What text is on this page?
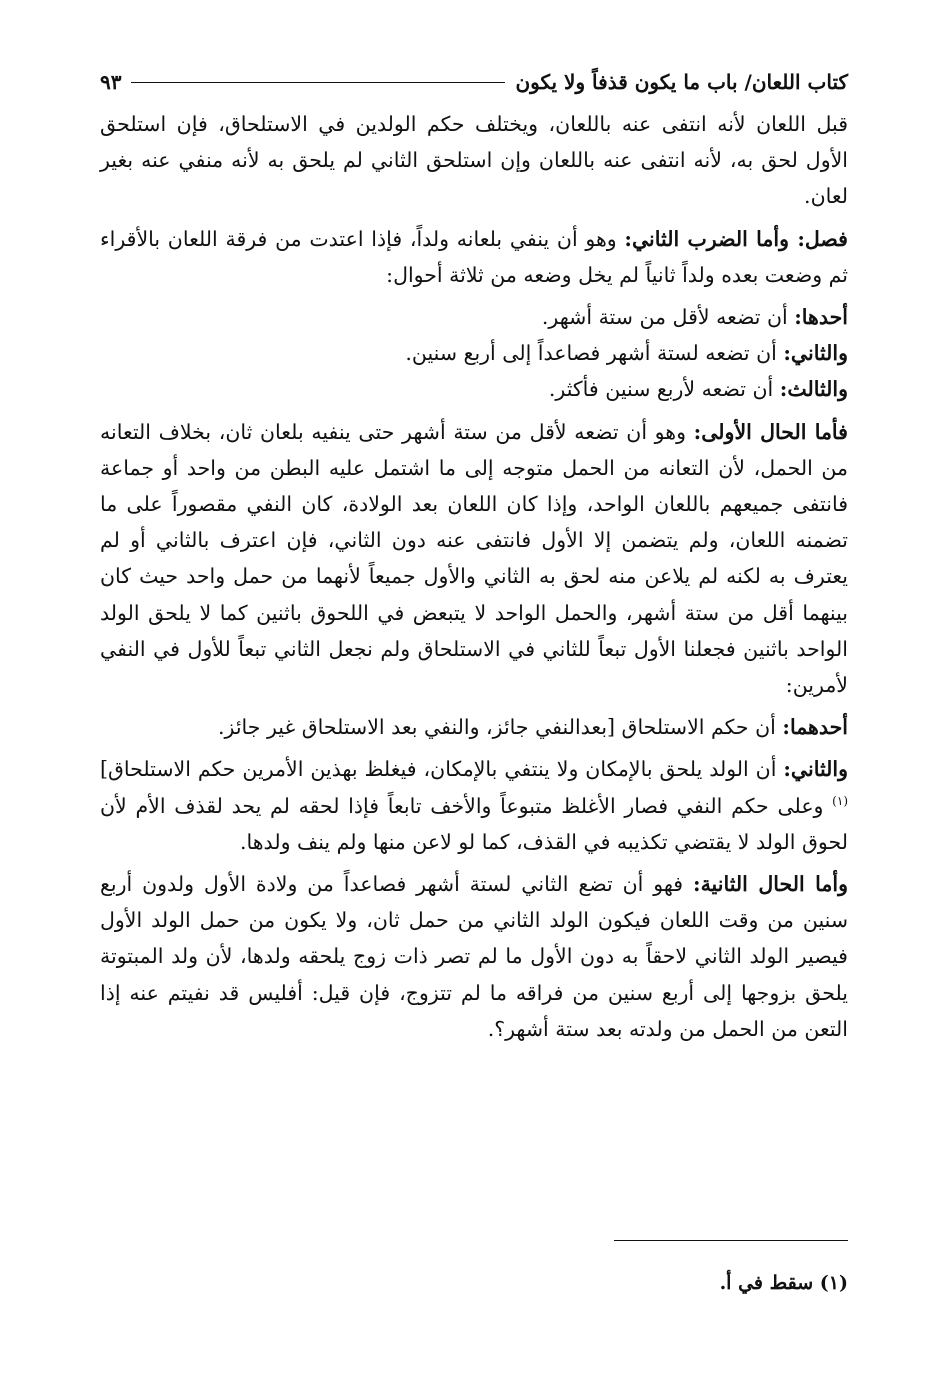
كتاب اللعان/ باب ما يكون قذفاً ولا يكون
٩٣

قبل اللعان لأنه انتفى عنه باللعان، ويختلف حكم الولدين في الاستلحاق، فإن استلحق الأول لحق به، لأنه انتفى عنه باللعان وإن استلحق الثاني لم يلحق به لأنه منفي عنه بغير لعان.

فصل: وأما الضرب الثاني: وهو أن ينفي بلعانه ولداً، فإذا اعتدت من فرقة اللعان بالأقراء ثم وضعت بعده ولداً ثانياً لم يخل وضعه من ثلاثة أحوال:

أحدها: أن تضعه لأقل من ستة أشهر.
والثاني: أن تضعه لستة أشهر فصاعداً إلى أربع سنين.
والثالث: أن تضعه لأربع سنين فأكثر.

فأما الحال الأولى: وهو أن تضعه لأقل من ستة أشهر حتى ينفيه بلعان ثان، بخلاف التعانه من الحمل، لأن التعانه من الحمل متوجه إلى ما اشتمل عليه البطن من واحد أو جماعة فانتفى جميعهم باللعان الواحد، وإذا كان اللعان بعد الولادة، كان النفي مقصوراً على ما تضمنه اللعان، ولم يتضمن إلا الأول فانتفى عنه دون الثاني، فإن اعترف بالثاني أو لم يعترف به لكنه لم يلاعن منه لحق به الثاني والأول جميعاً لأنهما من حمل واحد حيث كان بينهما أقل من ستة أشهر، والحمل الواحد لا يتبعض في اللحوق باثنين كما لا يلحق الولد الواحد باثنين فجعلنا الأول تبعاً للثاني في الاستلحاق ولم نجعل الثاني تبعاً للأول في النفي لأمرين:

أحدهما: أن حكم الاستلحاق [بعدالنفي جائز، والنفي بعد الاستلحاق غير جائز.

والثاني: أن الولد يلحق بالإمكان ولا ينتفي بالإمكان، فيغلظ بهذين الأمرين حكم الاستلحاق]$^{(١)}$ وعلى حكم النفي فصار الأغلظ متبوعاً والأخف تابعاً فإذا لحقه لم يحد لقذف الأم لأن لحوق الولد لا يقتضي تكذيبه في القذف، كما لو لاعن منها ولم ينف ولدها.

وأما الحال الثانية: فهو أن تضع الثاني لستة أشهر فصاعداً من ولادة الأول ولدون أربع سنين من وقت اللعان فيكون الولد الثاني من حمل ثان، ولا يكون من حمل الولد الأول فيصير الولد الثاني لاحقاً به دون الأول ما لم تصر ذات زوج يلحقه ولدها، لأن ولد المبتوتة يلحق بزوجها إلى أربع سنين من فراقه ما لم تتزوج، فإن قيل: أفليس قد نفيتم عنه إذا التعن من الحمل من ولدته بعد ستة أشهر؟.

(١) سقط في أ.
